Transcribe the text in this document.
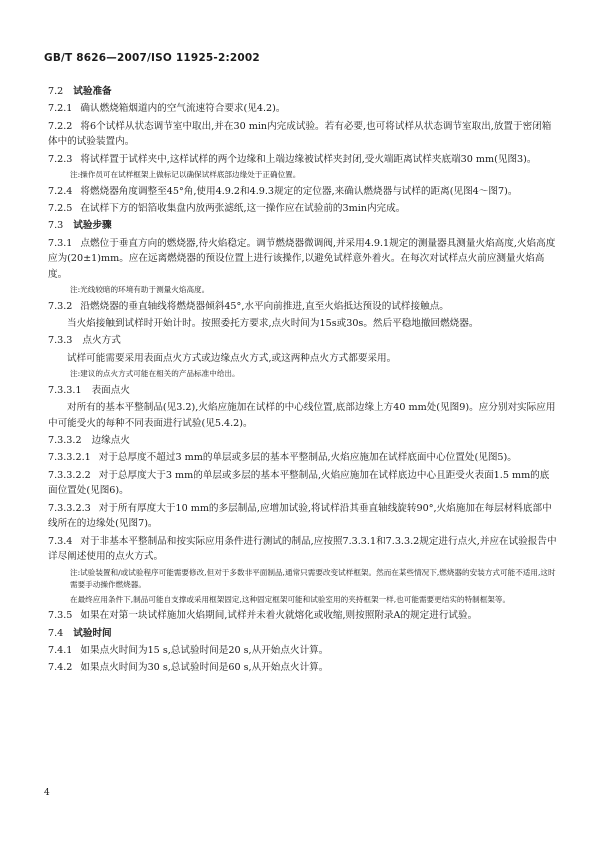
GB/T 8626—2007/ISO 11925-2:2002
7.2 试验准备
7.2.1 确认燃烧箱烟道内的空气流速符合要求(见4.2)。
7.2.2 将6个试样从状态调节室中取出,并在30 min内完成试验。若有必要,也可将试样从状态调节室取出,放置于密闭箱体中的试验装置内。
7.2.3 将试样置于试样夹中,这样试样的两个边缘和上端边缘被试样夹封闭,受火端距离试样夹底端30 mm(见图3)。
注:操作员可在试样框架上做标记以确保试样底部边缘处于正确位置。
7.2.4 将燃烧器角度调整至45°角,使用4.9.2和4.9.3规定的定位器,来确认燃烧器与试样的距离(见图4～图7)。
7.2.5 在试样下方的铝箔收集盘内放两张滤纸,这一操作应在试验前的3min内完成。
7.3 试验步骤
7.3.1 点燃位于垂直方向的燃烧器,待火焰稳定。调节燃烧器微调阀,并采用4.9.1规定的测量器具测量火焰高度,火焰高度应为(20±1)mm。应在远离燃烧器的预设位置上进行该操作,以避免试样意外着火。在每次对试样点火前应测量火焰高度。
注:光线较暗的环境有助于测量火焰高度。
7.3.2 沿燃烧器的垂直轴线将燃烧器倾斜45°,水平向前推进,直至火焰抵达预设的试样接触点。
当火焰接触到试样时开始计时。按照委托方要求,点火时间为15s或30s。然后平稳地撤回燃烧器。
7.3.3 点火方式
试样可能需要采用表面点火方式或边缘点火方式,或这两种点火方式都要采用。
注:建议的点火方式可能在相关的产品标准中给出。
7.3.3.1 表面点火
对所有的基本平整制品(见3.2),火焰应施加在试样的中心线位置,底部边缘上方40 mm处(见图9)。应分别对实际应用中可能受火的每种不同表面进行试验(见5.4.2)。
7.3.3.2 边缘点火
7.3.3.2.1 对于总厚度不超过3 mm的单层或多层的基本平整制品,火焰应施加在试样底面中心位置处(见图5)。
7.3.3.2.2 对于总厚度大于3 mm的单层或多层的基本平整制品,火焰应施加在试样底边中心且距受火表面1.5 mm的底面位置处(见图6)。
7.3.3.2.3 对于所有厚度大于10 mm的多层制品,应增加试验,将试样沿其垂直轴线旋转90°,火焰施加在每层材料底部中线所在的边缘处(见图7)。
7.3.4 对于非基本平整制品和按实际应用条件进行测试的制品,应按照7.3.3.1和7.3.3.2规定进行点火,并应在试验报告中详尽阐述使用的点火方式。
注:试验装置和/或试验程序可能需要修改,但对于多数非平面制品,通常只需要改变试样框架。然而在某些情况下,燃烧器的安装方式可能不适用,这时需要手动操作燃烧器。
在最终应用条件下,制品可能自支撑或采用框架固定,这种固定框架可能和试验室用的夹持框架一样,也可能需要更结实的特制框架等。
7.3.5 如果在对第一块试样施加火焰期间,试样并未着火就熔化或收缩,则按照附录A的规定进行试验。
7.4 试验时间
7.4.1 如果点火时间为15 s,总试验时间是20 s,从开始点火计算。
7.4.2 如果点火时间为30 s,总试验时间是60 s,从开始点火计算。
4
